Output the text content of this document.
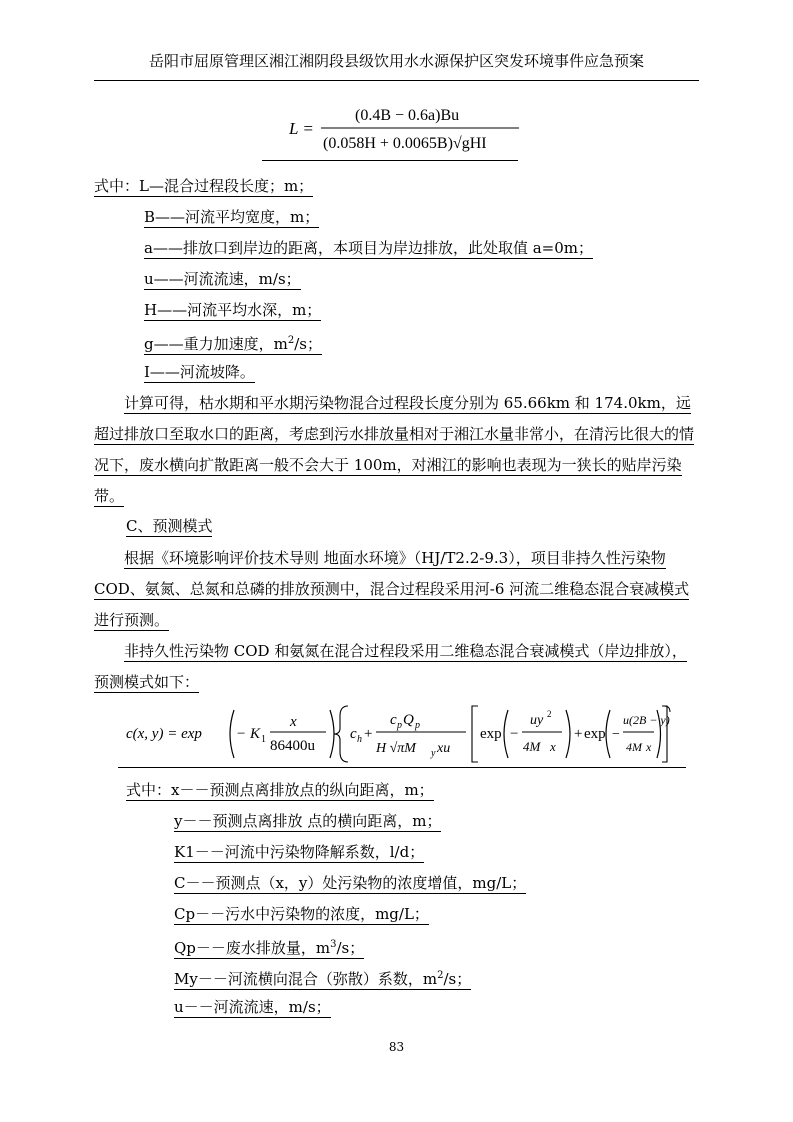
岳阳市屈原管理区湘江湘阴段县级饮用水水源保护区突发环境事件应急预案
L =
(0.4B − 0.6a)Bu
(0.058H + 0.0065B)√gHI
式中：L—混合过程段长度；m；
B——河流平均宽度，m；
a——排放口到岸边的距离，本项目为岸边排放，此处取值 a=0m；
u——河流流速，m/s；
H——河流平均水深，m；
g——重力加速度，$m^2/s$；
I——河流坡降。
计算可得，枯水期和平水期污染物混合过程段长度分别为 65.66km 和 174.0km，远超过排放口至取水口的距离，考虑到污水排放量相对于湘江水量非常小，在清污比很大的情况下，废水横向扩散距离一般不会大于 100m，对湘江的影响也表现为一狭长的贴岸污染带。
C、预测模式
根据《环境影响评价技术导则 地面水环境》（HJ/T2.2-9.3），项目非持久性污染物 COD、氨氮、总氮和总磷的排放预测中，混合过程段采用河-6 河流二维稳态混合衰减模式进行预测。
非持久性污染物 COD 和氨氮在混合过程段采用二维稳态混合衰减模式（岸边排放），预测模式如下：
c(x, y) = exp − K 1
x
86400u
c h +
c p Q p
H √πM y xu
exp −
uy 2
4M x
+ exp −
u(2B − y)
4M x
式中：x－－预测点离排放点的纵向距离，m；
y－－预测点离排放 点的横向距离，m；
K1－－河流中污染物降解系数，l/d；
C－－预测点（x，y）处污染物的浓度增值，mg/L；
Cp－－污水中污染物的浓度，mg/L；
Qp－－废水排放量，$m^3/s$；
My－－河流横向混合（弥散）系数，$m^2/s$；
u－－河流流速，m/s；
83
